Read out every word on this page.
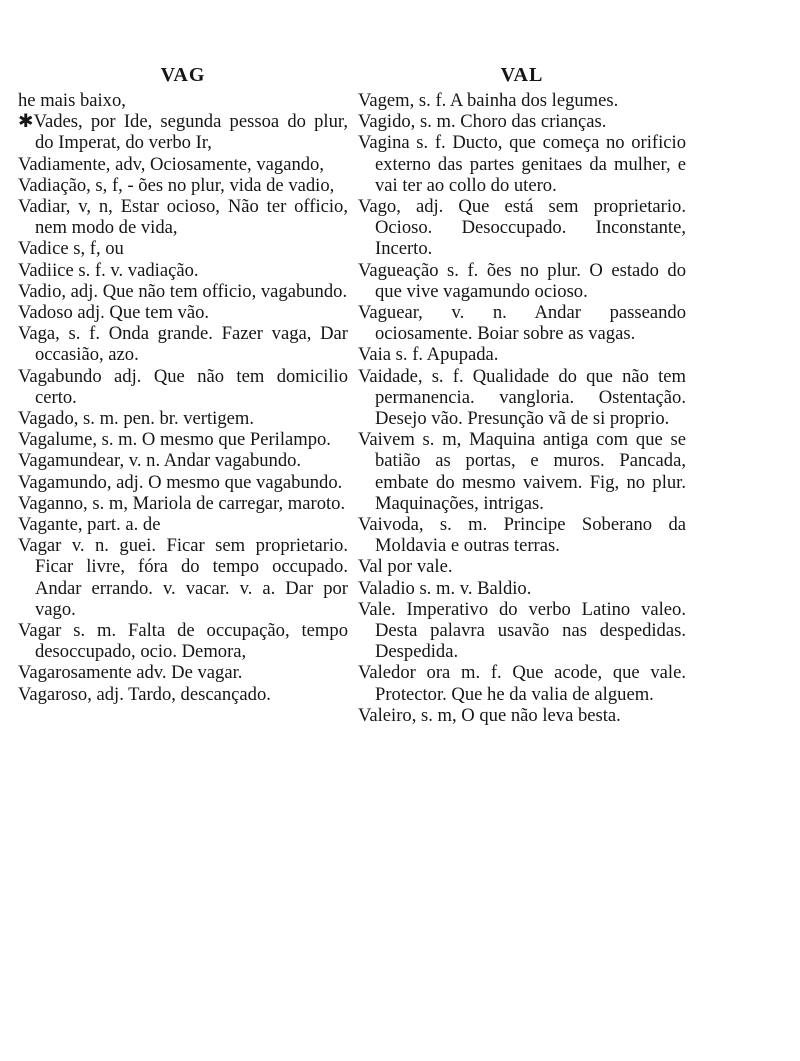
VAG

he mais baixo,

✱Vades, por Ide, segunda pessoa do plur, do Imperat, do verbo Ir,

Vadiamente, adv, Ociosamente, vagando,

Vadiação, s, f, - ões no plur, vida de vadio,

Vadiar, v, n, Estar ocioso, Não ter officio, nem modo de vida,

Vadice s, f, ou

Vadiice s. f. v. vadiação.

Vadio, adj. Que não tem officio, vagabundo.

Vadoso adj. Que tem vão.

Vaga, s. f. Onda grande. Fazer vaga, Dar occasião, azo.

Vagabundo adj. Que não tem domicilio certo.

Vagado, s. m. pen. br. vertigem.

Vagalume, s. m. O mesmo que Perilampo.

Vagamundear, v. n. Andar vagabundo.

Vagamundo, adj. O mesmo que vagabundo.

Vaganno, s. m, Mariola de carregar, maroto.

Vagante, part. a. de

Vagar v. n. guei. Ficar sem proprietario. Ficar livre, fóra do tempo occupado. Andar errando. v. vacar. v. a. Dar por vago.

Vagar s. m. Falta de occupação, tempo desoccupado, ocio. Demora,

Vagarosamente adv. De vagar.

Vagaroso, adj. Tardo, descançado.

VAL

Vagem, s. f. A bainha dos legumes.

Vagido, s. m. Choro das crianças.

Vagina s. f. Ducto, que começa no orificio externo das partes genitaes da mulher, e vai ter ao collo do utero.

Vago, adj. Que está sem proprietario. Ocioso. Desoccupado. Inconstante, Incerto.

Vagueação s. f. ões no plur. O estado do que vive vagamundo ocioso.

Vaguear, v. n. Andar passeando ociosamente. Boiar sobre as vagas.

Vaia s. f. Apupada.

Vaidade, s. f. Qualidade do que não tem permanencia. vangloria. Ostentação. Desejo vão. Presunção vã de si proprio.

Vaivem s. m, Maquina antiga com que se batião as portas, e muros. Pancada, embate do mesmo vaivem. Fig, no plur. Maquinações, intrigas.

Vaivoda, s. m. Principe Soberano da Moldavia e outras terras.

Val por vale.

Valadio s. m. v. Baldio.

Vale. Imperativo do verbo Latino valeo. Desta palavra usavão nas despedidas. Despedida.

Valedor ora m. f. Que acode, que vale. Protector. Que he da valia de alguem.

Valeiro, s. m, O que não leva besta.
